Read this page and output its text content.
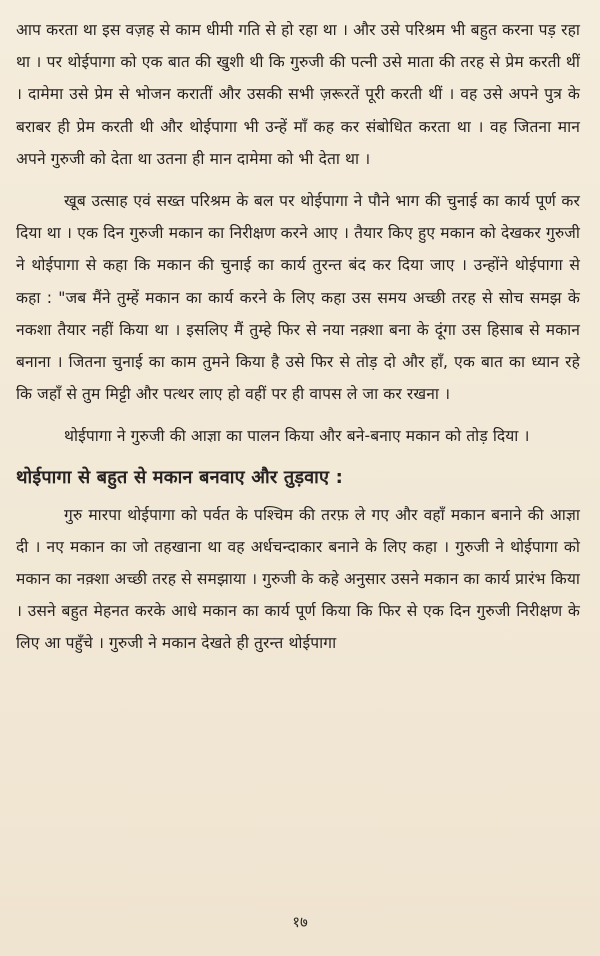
आप करता था इस वज़ह से काम धीमी गति से हो रहा था । और उसे परिश्रम भी बहुत करना पड़ रहा था । पर थोईपागा को एक बात की खुशी थी कि गुरुजी की पत्नी उसे माता की तरह से प्रेम करती थीं । दामेमा उसे प्रेम से भोजन करातीं और उसकी सभी ज़रूरतें पूरी करती थीं । वह उसे अपने पुत्र के बराबर ही प्रेम करती थी और थोईपागा भी उन्हें माँ कह कर संबोधित करता था । वह जितना मान अपने गुरुजी को देता था उतना ही मान दामेमा को भी देता था ।

खूब उत्साह एवं सख्त परिश्रम के बल पर थोईपागा ने पौने भाग की चुनाई का कार्य पूर्ण कर दिया था । एक दिन गुरुजी मकान का निरीक्षण करने आए । तैयार किए हुए मकान को देखकर गुरुजी ने थोईपागा से कहा कि मकान की चुनाई का कार्य तुरन्त बंद कर दिया जाए । उन्होंने थोईपागा से कहा : "जब मैंने तुम्हें मकान का कार्य करने के लिए कहा उस समय अच्छी तरह से सोच समझ के नकशा तैयार नहीं किया था । इसलिए मैं तुम्हे फिर से नया नक़्शा बना के दूंगा उस हिसाब से मकान बनाना । जितना चुनाई का काम तुमने किया है उसे फिर से तोड़ दो और हाँ, एक बात का ध्यान रहे कि जहाँ से तुम मिट्टी और पत्थर लाए हो वहीं पर ही वापस ले जा कर रखना ।

थोईपागा ने गुरुजी की आज्ञा का पालन किया और बने-बनाए मकान को तोड़ दिया ।

थोईपागा से बहुत से मकान बनवाए और तुड़वाए :

गुरु मारपा थोईपागा को पर्वत के पश्चिम की तरफ़ ले गए और वहाँ मकान बनाने की आज्ञा दी । नए मकान का जो तहखाना था वह अर्धचन्दाकार बनाने के लिए कहा । गुरुजी ने थोईपागा को मकान का नक़्शा अच्छी तरह से समझाया । गुरुजी के कहे अनुसार उसने मकान का कार्य प्रारंभ किया । उसने बहुत मेहनत करके आधे मकान का कार्य पूर्ण किया कि फिर से एक दिन गुरुजी निरीक्षण के लिए आ पहुँचे । गुरुजी ने मकान देखते ही तुरन्त थोईपागा

१७
